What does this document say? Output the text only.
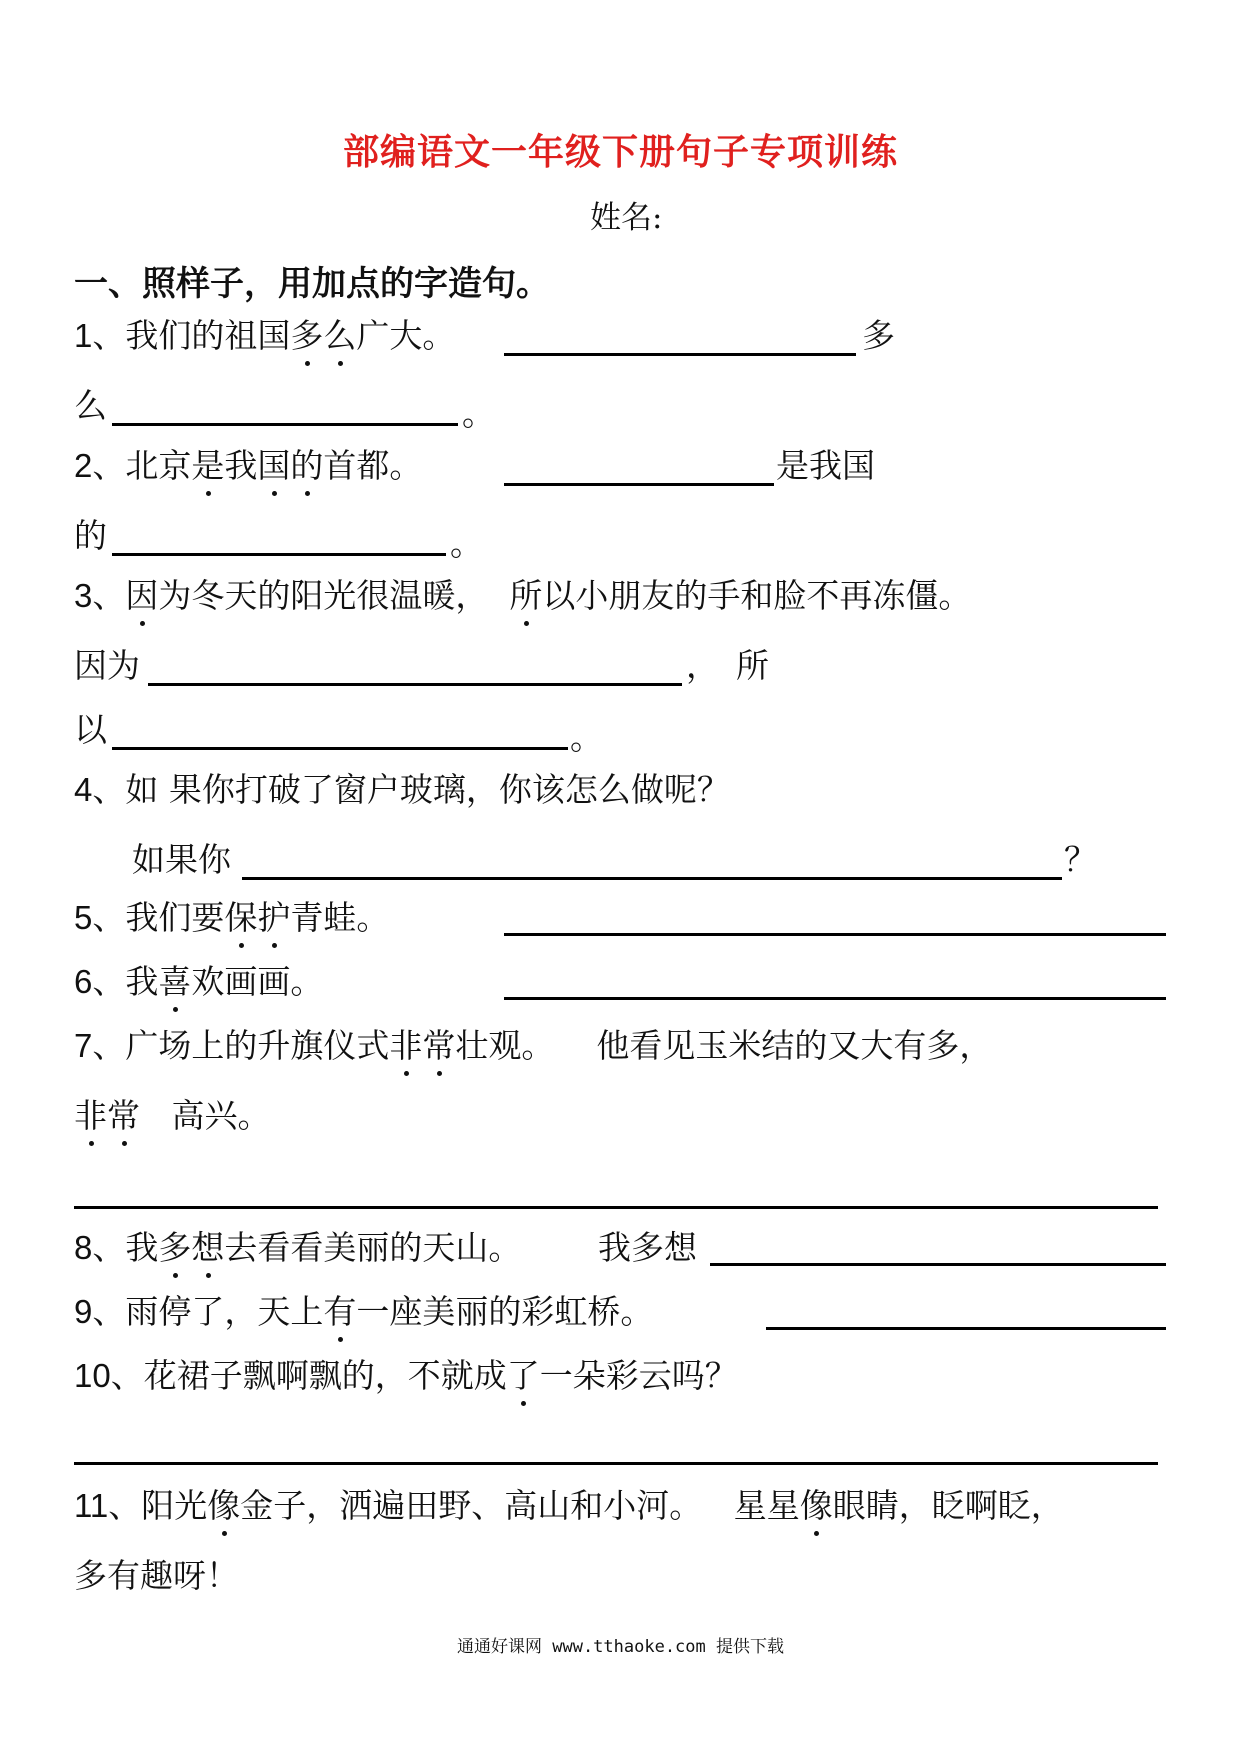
部编语文一年级下册句子专项训练
姓名:
一、照样子，用加点的字造句。
1、我们的祖国多么广大。	多
么	。
2、北京是我国的首都。	是我国
的	。
3、因为冬天的阳光很温暖， 所以小朋友的手和脸不再冻僵。
因为	， 所
以	。
4、如 果你打破了窗户玻璃，你该怎么做呢？
如果你	？
5、我们要保护青蛙。
6、我喜欢画画。
7、广场上的升旗仪式非常壮观。 他看见玉米结的又大有多，
非常 高兴。
8、我多想去看看美丽的天山。 我多想
9、雨停了，天上有一座美丽的彩虹桥。
10、花裙子飘啊飘的，不就成了一朵彩云吗？
11、阳光像金子，洒遍田野、高山和小河。 星星像眼睛，眨啊眨，
多有趣呀！
通通好课网 www.tthaoke.com 提供下载
